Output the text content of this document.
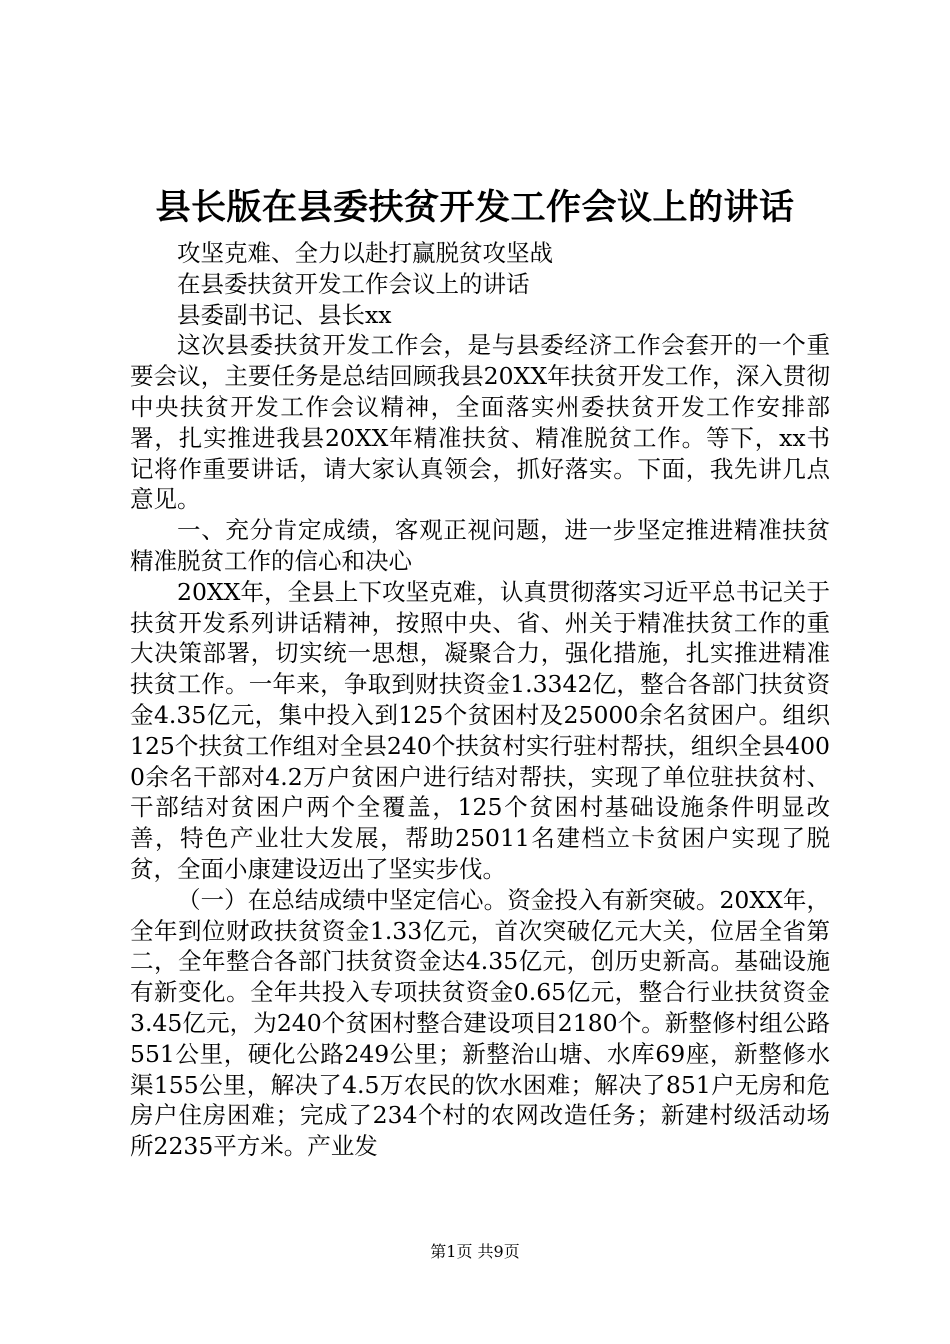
县长版在县委扶贫开发工作会议上的讲话

攻坚克难、全力以赴打赢脱贫攻坚战

在县委扶贫开发工作会议上的讲话

县委副书记、县长xx

这次县委扶贫开发工作会，是与县委经济工作会套开的一个重要会议，主要任务是总结回顾我县20XX年扶贫开发工作，深入贯彻中央扶贫开发工作会议精神，全面落实州委扶贫开发工作安排部署，扎实推进我县20XX年精准扶贫、精准脱贫工作。等下，xx书记将作重要讲话，请大家认真领会，抓好落实。下面，我先讲几点意见。

一、充分肯定成绩，客观正视问题，进一步坚定推进精准扶贫精准脱贫工作的信心和决心

20XX年，全县上下攻坚克难，认真贯彻落实习近平总书记关于扶贫开发系列讲话精神，按照中央、省、州关于精准扶贫工作的重大决策部署，切实统一思想，凝聚合力，强化措施，扎实推进精准扶贫工作。一年来，争取到财扶资金1.3342亿，整合各部门扶贫资金4.35亿元，集中投入到125个贫困村及25000余名贫困户。组织125个扶贫工作组对全县240个扶贫村实行驻村帮扶，组织全县4000余名干部对4.2万户贫困户进行结对帮扶，实现了单位驻扶贫村、干部结对贫困户两个全覆盖，125个贫困村基础设施条件明显改善，特色产业壮大发展，帮助25011名建档立卡贫困户实现了脱贫，全面小康建设迈出了坚实步伐。

（一）在总结成绩中坚定信心。资金投入有新突破。20XX年，全年到位财政扶贫资金1.33亿元，首次突破亿元大关，位居全省第二，全年整合各部门扶贫资金达4.35亿元，创历史新高。基础设施有新变化。全年共投入专项扶贫资金0.65亿元，整合行业扶贫资金3.45亿元，为240个贫困村整合建设项目2180个。新整修村组公路551公里，硬化公路249公里；新整治山塘、水库69座，新整修水渠155公里，解决了4.5万农民的饮水困难；解决了851户无房和危房户住房困难；完成了234个村的农网改造任务；新建村级活动场所2235平方米。产业发

第1页 共9页
